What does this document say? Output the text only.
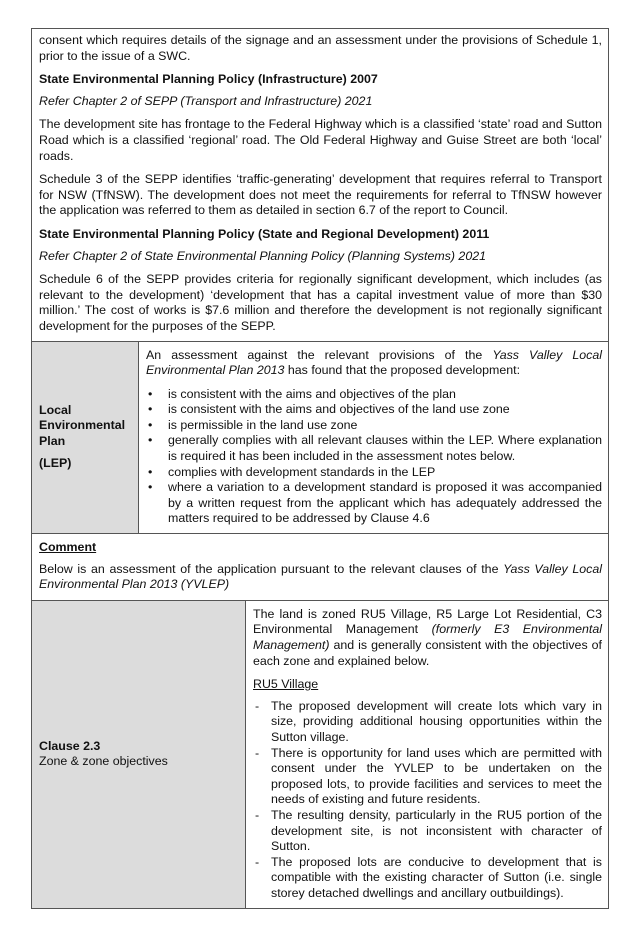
consent which requires details of the signage and an assessment under the provisions of Schedule 1, prior to the issue of a SWC.

State Environmental Planning Policy (Infrastructure) 2007

Refer Chapter 2 of SEPP (Transport and Infrastructure) 2021

The development site has frontage to the Federal Highway which is a classified ‘state’ road and Sutton Road which is a classified ‘regional’ road. The Old Federal Highway and Guise Street are both ‘local’ roads.

Schedule 3 of the SEPP identifies ‘traffic-generating’ development that requires referral to Transport for NSW (TfNSW). The development does not meet the requirements for referral to TfNSW however the application was referred to them as detailed in section 6.7 of the report to Council.

State Environmental Planning Policy (State and Regional Development) 2011

Refer Chapter 2 of State Environmental Planning Policy (Planning Systems) 2021

Schedule 6 of the SEPP provides criteria for regionally significant development, which includes (as relevant to the development) ‘development that has a capital investment value of more than $30 million.’ The cost of works is $7.6 million and therefore the development is not regionally significant development for the purposes of the SEPP.

Local
Environmental
Plan
(LEP)

An assessment against the relevant provisions of the Yass Valley Local Environmental Plan 2013 has found that the proposed development:

• is consistent with the aims and objectives of the plan
• is consistent with the aims and objectives of the land use zone
• is permissible in the land use zone
• generally complies with all relevant clauses within the LEP. Where explanation is required it has been included in the assessment notes below.
• complies with development standards in the LEP
• where a variation to a development standard is proposed it was accompanied by a written request from the applicant which has adequately addressed the matters required to be addressed by Clause 4.6
Comment

Below is an assessment of the application pursuant to the relevant clauses of the Yass Valley Local Environmental Plan 2013 (YVLEP)

Clause 2.3
Zone & zone objectives

The land is zoned RU5 Village, R5 Large Lot Residential, C3 Environmental Management (formerly E3 Environmental Management) and is generally consistent with the objectives of each zone and explained below.

RU5 Village
- The proposed development will create lots which vary in size, providing additional housing opportunities within the Sutton village.
- There is opportunity for land uses which are permitted with consent under the YVLEP to be undertaken on the proposed lots, to provide facilities and services to meet the needs of existing and future residents.
- The resulting density, particularly in the RU5 portion of the development site, is not inconsistent with character of Sutton.
- The proposed lots are conducive to development that is compatible with the existing character of Sutton (i.e. single storey detached dwellings and ancillary outbuildings).
